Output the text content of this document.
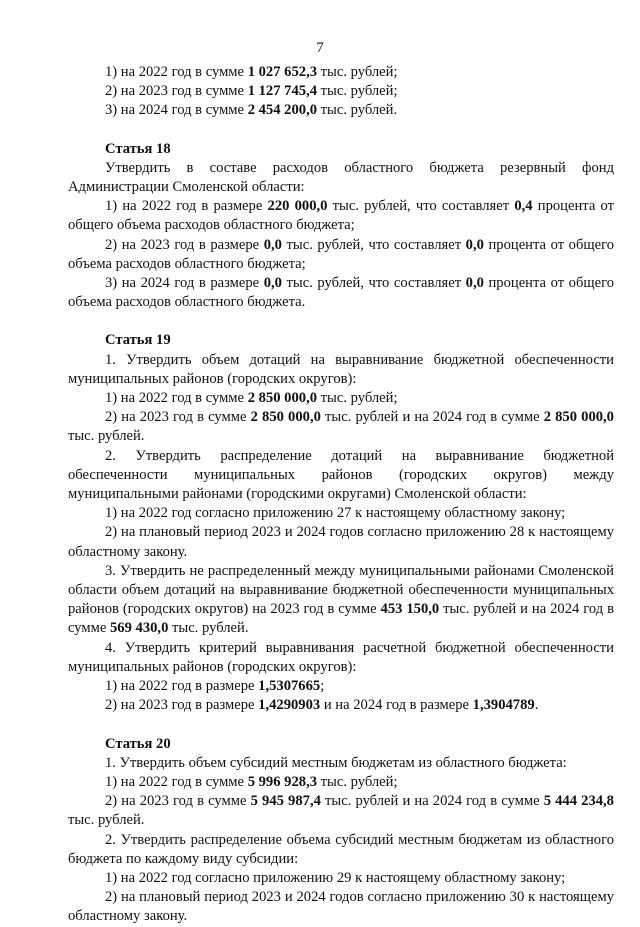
7

1) на 2022 год в сумме 1 027 652,3 тыс. рублей;

2) на 2023 год в сумме 1 127 745,4 тыс. рублей;

3) на 2024 год в сумме 2 454 200,0 тыс. рублей.

Статья 18

Утвердить в составе расходов областного бюджета резервный фонд Администрации Смоленской области:

1) на 2022 год в размере 220 000,0 тыс. рублей, что составляет 0,4 процента от общего объема расходов областного бюджета;

2) на 2023 год в размере 0,0 тыс. рублей, что составляет 0,0 процента от общего объема расходов областного бюджета;

3) на 2024 год в размере 0,0 тыс. рублей, что составляет 0,0 процента от общего объема расходов областного бюджета.

Статья 19

1. Утвердить объем дотаций на выравнивание бюджетной обеспеченности муниципальных районов (городских округов):

1) на 2022 год в сумме 2 850 000,0 тыс. рублей;

2) на 2023 год в сумме 2 850 000,0 тыс. рублей и на 2024 год в сумме 2 850 000,0 тыс. рублей.

2. Утвердить распределение дотаций на выравнивание бюджетной обеспеченности муниципальных районов (городских округов) между муниципальными районами (городскими округами) Смоленской области:

1) на 2022 год согласно приложению 27 к настоящему областному закону;

2) на плановый период 2023 и 2024 годов согласно приложению 28 к настоящему областному закону.

3. Утвердить не распределенный между муниципальными районами Смоленской области объем дотаций на выравнивание бюджетной обеспеченности муниципальных районов (городских округов) на 2023 год в сумме 453 150,0 тыс. рублей и на 2024 год в сумме 569 430,0 тыс. рублей.

4. Утвердить критерий выравнивания расчетной бюджетной обеспеченности муниципальных районов (городских округов):

1) на 2022 год в размере 1,5307665;

2) на 2023 год в размере 1,4290903 и на 2024 год в размере 1,3904789.

Статья 20

1. Утвердить объем субсидий местным бюджетам из областного бюджета:

1) на 2022 год в сумме 5 996 928,3 тыс. рублей;

2) на 2023 год в сумме 5 945 987,4 тыс. рублей и на 2024 год в сумме 5 444 234,8 тыс. рублей.

2. Утвердить распределение объема субсидий местным бюджетам из областного бюджета по каждому виду субсидии:

1) на 2022 год согласно приложению 29 к настоящему областному закону;

2) на плановый период 2023 и 2024 годов согласно приложению 30 к настоящему областному закону.
